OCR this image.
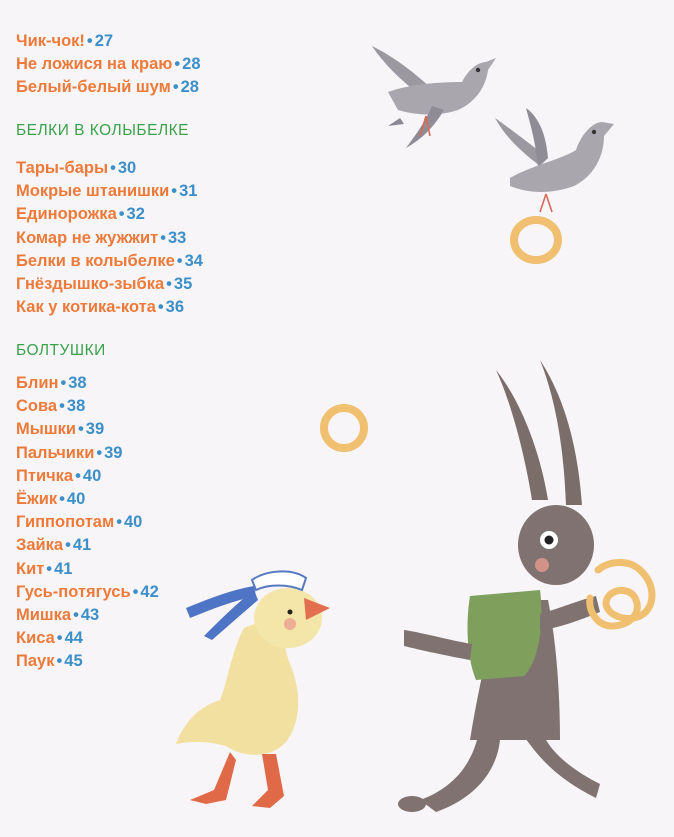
Чик-чок! • 27
Не ложися на краю • 28
Белый-белый шум • 28
БЕЛКИ В КОЛЫБЕЛКЕ
Тары-бары • 30
Мокрые штанишки • 31
Единорожка • 32
Комар не жужжит • 33
Белки в колыбелке • 34
Гнёздышко-зыбка • 35
Как у котика-кота • 36
БОЛТУШКИ
Блин • 38
Сова • 38
Мышки • 39
Пальчики • 39
Птичка • 40
Ёжик • 40
Гиппопотам • 40
Зайка • 41
Кит • 41
Гусь-потягусь • 42
Мишка • 43
Киса • 44
Паук • 45
